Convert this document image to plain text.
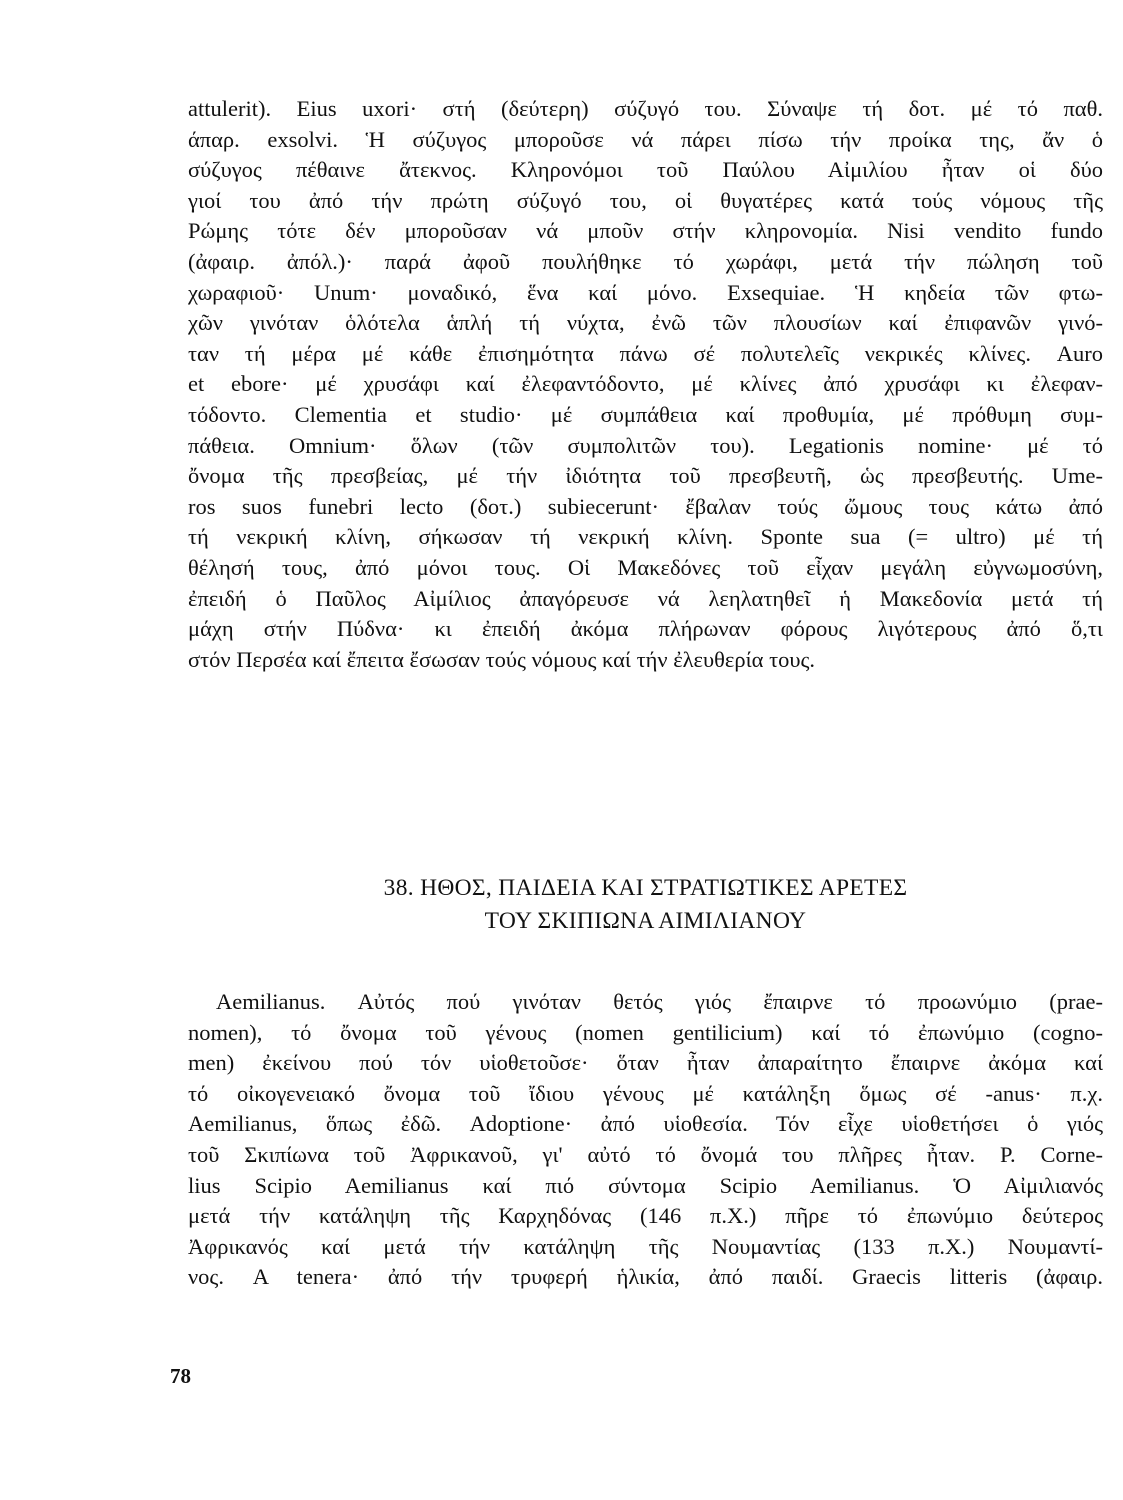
attulerit). Eius uxori· στή (δεύτερη) σύζυγό του. Σύναψε τή δοτ. μέ τό παθ.
άπαρ. exsolvi. Ἡ σύζυγος μποροῦσε νά πάρει πίσω τήν προίκα της, ἄν ὁ
σύζυγος πέθαινε ἄτεκνος. Κληρονόμοι τοῦ Παύλου Αἰμιλίου ἦταν οἱ δύο
γιοί του ἀπό τήν πρώτη σύζυγό του, οἱ θυγατέρες κατά τούς νόμους τῆς
Ρώμης τότε δέν μποροῦσαν νά μποῦν στήν κληρονομία. Nisi vendito fundo
(ἀφαιρ. ἀπόλ.)· παρά ἀφοῦ πουλήθηκε τό χωράφι, μετά τήν πώληση τοῦ
χωραφιοῦ· Unum· μοναδικό, ἕνα καί μόνο. Exsequiae. Ἡ κηδεία τῶν φτω-
χῶν γινόταν ὁλότελα ἁπλή τή νύχτα, ἐνῶ τῶν πλουσίων καί ἐπιφανῶν γινό-
ταν τή μέρα μέ κάθε ἐπισημότητα πάνω σέ πολυτελεῖς νεκρικές κλίνες. Auro
et ebore· μέ χρυσάφι καί ἐλεφαντόδοντο, μέ κλίνες ἀπό χρυσάφι κι ἐλεφαν-
τόδοντο. Clementia et studio· μέ συμπάθεια καί προθυμία, μέ πρόθυμη συμ-
πάθεια. Omnium· ὅλων (τῶν συμπολιτῶν του). Legationis nomine· μέ τό
ὄνομα τῆς πρεσβείας, μέ τήν ἰδιότητα τοῦ πρεσβευτῆ, ὡς πρεσβευτής. Ume-
ros suos funebri lecto (δοτ.) subiecerunt· ἔβαλαν τούς ὤμους τους κάτω ἀπό
τή νεκρική κλίνη, σήκωσαν τή νεκρική κλίνη. Sponte sua (= ultro) μέ τή
θέλησή τους, ἀπό μόνοι τους. Οἱ Μακεδόνες τοῦ εἶχαν μεγάλη εὐγνωμοσύνη,
ἐπειδή ὁ Παῦλος Αἰμίλιος ἀπαγόρευσε νά λεηλατηθεῖ ἡ Μακεδονία μετά τή
μάχη στήν Πύδνα· κι ἐπειδή ἀκόμα πλήρωναν φόρους λιγότερους ἀπό ὅ,τι
στόν Περσέα καί ἔπειτα ἔσωσαν τούς νόμους καί τήν ἐλευθερία τους.
38. ΗΘΟΣ, ΠΑΙΔΕΙΑ ΚΑΙ ΣΤΡΑΤΙΩΤΙΚΕΣ ΑΡΕΤΕΣ
ΤΟΥ ΣΚΙΠΙΩΝΑ ΑΙΜΙΛΙΑΝΟΥ
Aemilianus. Αὐτός πού γινόταν θετός γιός ἔπαιρνε τό προωνύμιο (prae-
nomen), τό ὄνομα τοῦ γένους (nomen gentilicium) καί τό ἐπωνύμιο (cogno-
men) ἐκείνου πού τόν υἱοθετοῦσε· ὅταν ἦταν ἀπαραίτητο ἔπαιρνε ἀκόμα καί
τό οἰκογενειακό ὄνομα τοῦ ἴδιου γένους μέ κατάληξη ὅμως σέ -anus· π.χ.
Aemilianus, ὅπως ἐδῶ. Adoptione· ἀπό υἱοθεσία. Τόν εἶχε υἱοθετήσει ὁ γιός
τοῦ Σκιπίωνα τοῦ Ἀφρικανοῦ, γι' αὐτό τό ὄνομά του πλῆρες ἦταν. P. Corne-
lius Scipio Aemilianus καί πιό σύντομα Scipio Aemilianus. Ὁ Αἰμιλιανός
μετά τήν κατάληψη τῆς Καρχηδόνας (146 π.Χ.) πῆρε τό ἐπωνύμιο δεύτερος
Ἀφρικανός καί μετά τήν κατάληψη τῆς Νουμαντίας (133 π.Χ.) Νουμαντί-
νος. A tenera· ἀπό τήν τρυφερή ἡλικία, ἀπό παιδί. Graecis litteris (ἀφαιρ.
78
